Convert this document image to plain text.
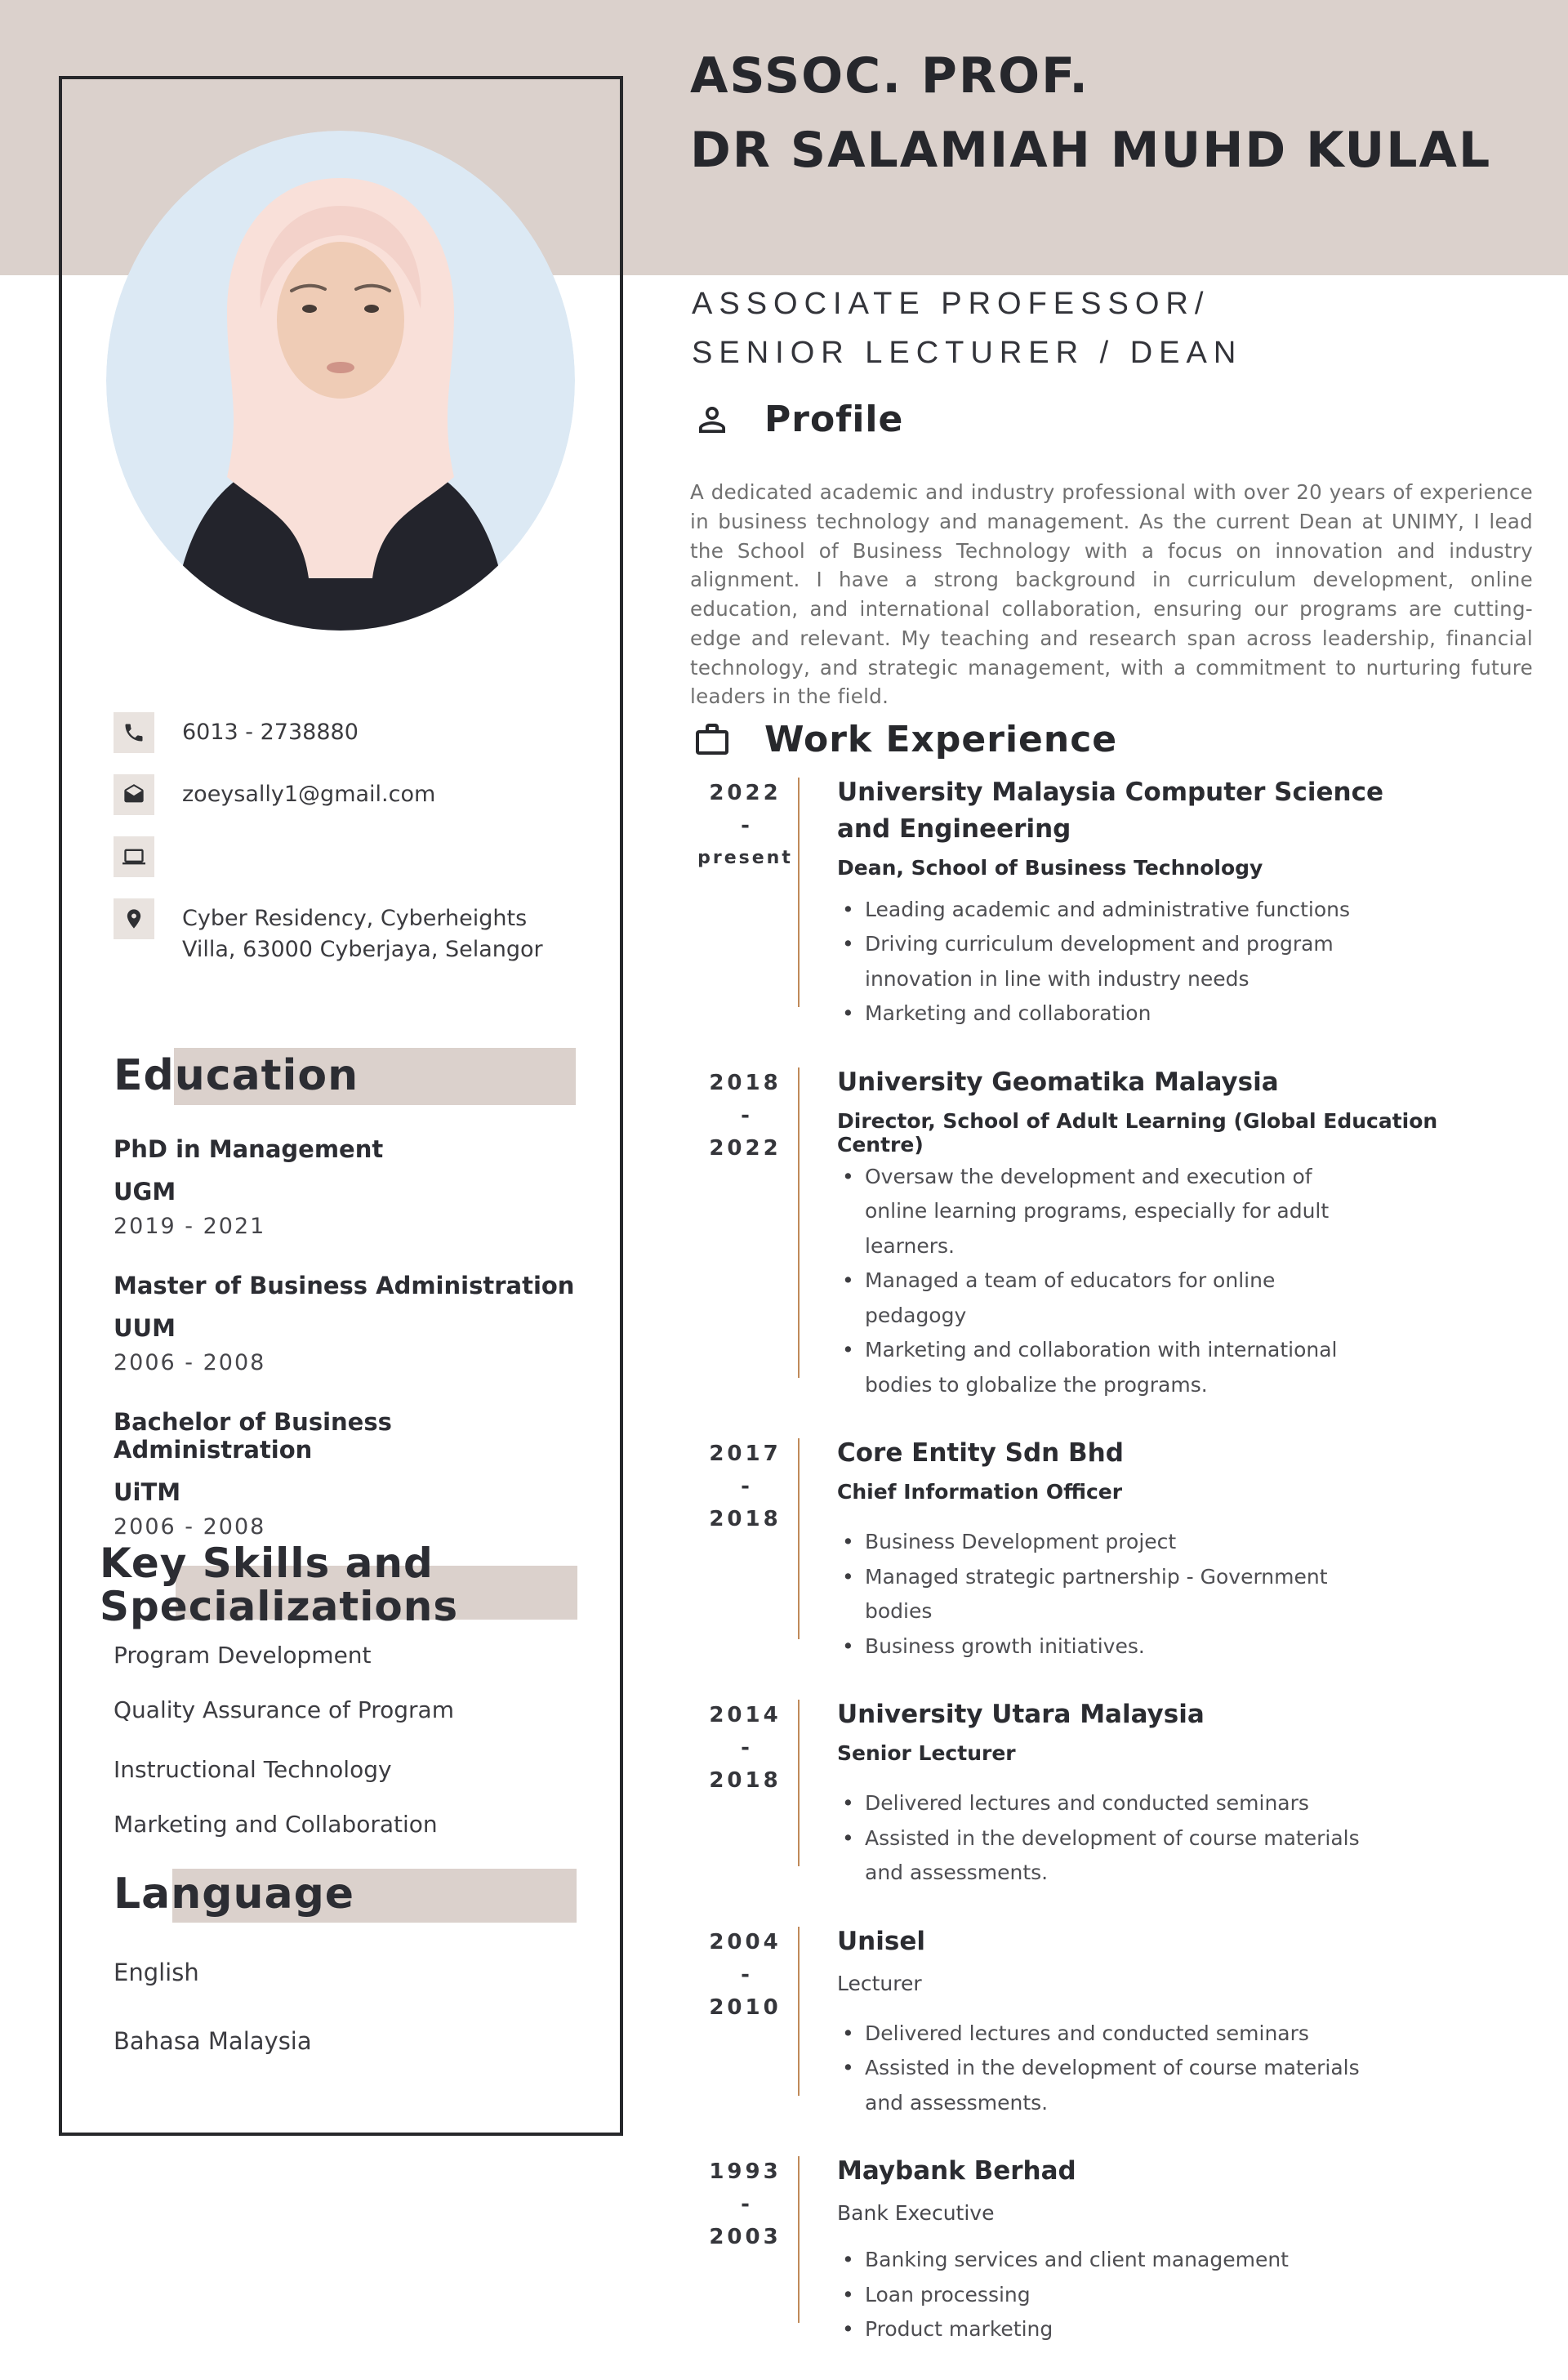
6013 - 2738880
zoeysally1@gmail.com
Cyber Residency, Cyberheights
Villa, 63000 Cyberjaya, Selangor
Education
PhD in Management
UGM
2019 - 2021
Master of Business Administration
UUM
2006 - 2008
Bachelor of Business Administration
UiTM
2006 - 2008
Key Skills and
Specializations
Program Development
Quality Assurance of Program
Instructional Technology
Marketing and Collaboration
Language
English
Bahasa Malaysia
ASSOC. PROF.
DR SALAMIAH MUHD KULAL
ASSOCIATE PROFESSOR/
SENIOR LECTURER / DEAN
Profile
A dedicated academic and industry professional with over 20 years of experience in business technology and management. As the current Dean at UNIMY, I lead the School of Business Technology with a focus on innovation and industry alignment. I have a strong background in curriculum development, online education, and international collaboration, ensuring our programs are cutting-edge and relevant. My teaching and research span across leadership, financial technology, and strategic management, with a commitment to nurturing future leaders in the field.
Work Experience
2022
-
present
University Malaysia Computer Science and Engineering
Dean, School of Business Technology
• Leading academic and administrative functions
• Driving curriculum development and program innovation in line with industry needs
• Marketing and collaboration
2018
-
2022
University Geomatika Malaysia
Director, School of Adult Learning (Global Education Centre)
• Oversaw the development and execution of online learning programs, especially for adult learners.
• Managed a team of educators for online pedagogy
• Marketing and collaboration with international bodies to globalize the programs.
2017
-
2018
Core Entity Sdn Bhd
Chief Information Officer
• Business Development project
• Managed strategic partnership - Government bodies
• Business growth initiatives.
2014
-
2018
University Utara Malaysia
Senior Lecturer
• Delivered lectures and conducted seminars
• Assisted in the development of course materials and assessments.
2004
-
2010
Unisel
Lecturer
• Delivered lectures and conducted seminars
• Assisted in the development of course materials and assessments.
1993
-
2003
Maybank Berhad
Bank Executive
• Banking services and client management
• Loan processing
• Product marketing
